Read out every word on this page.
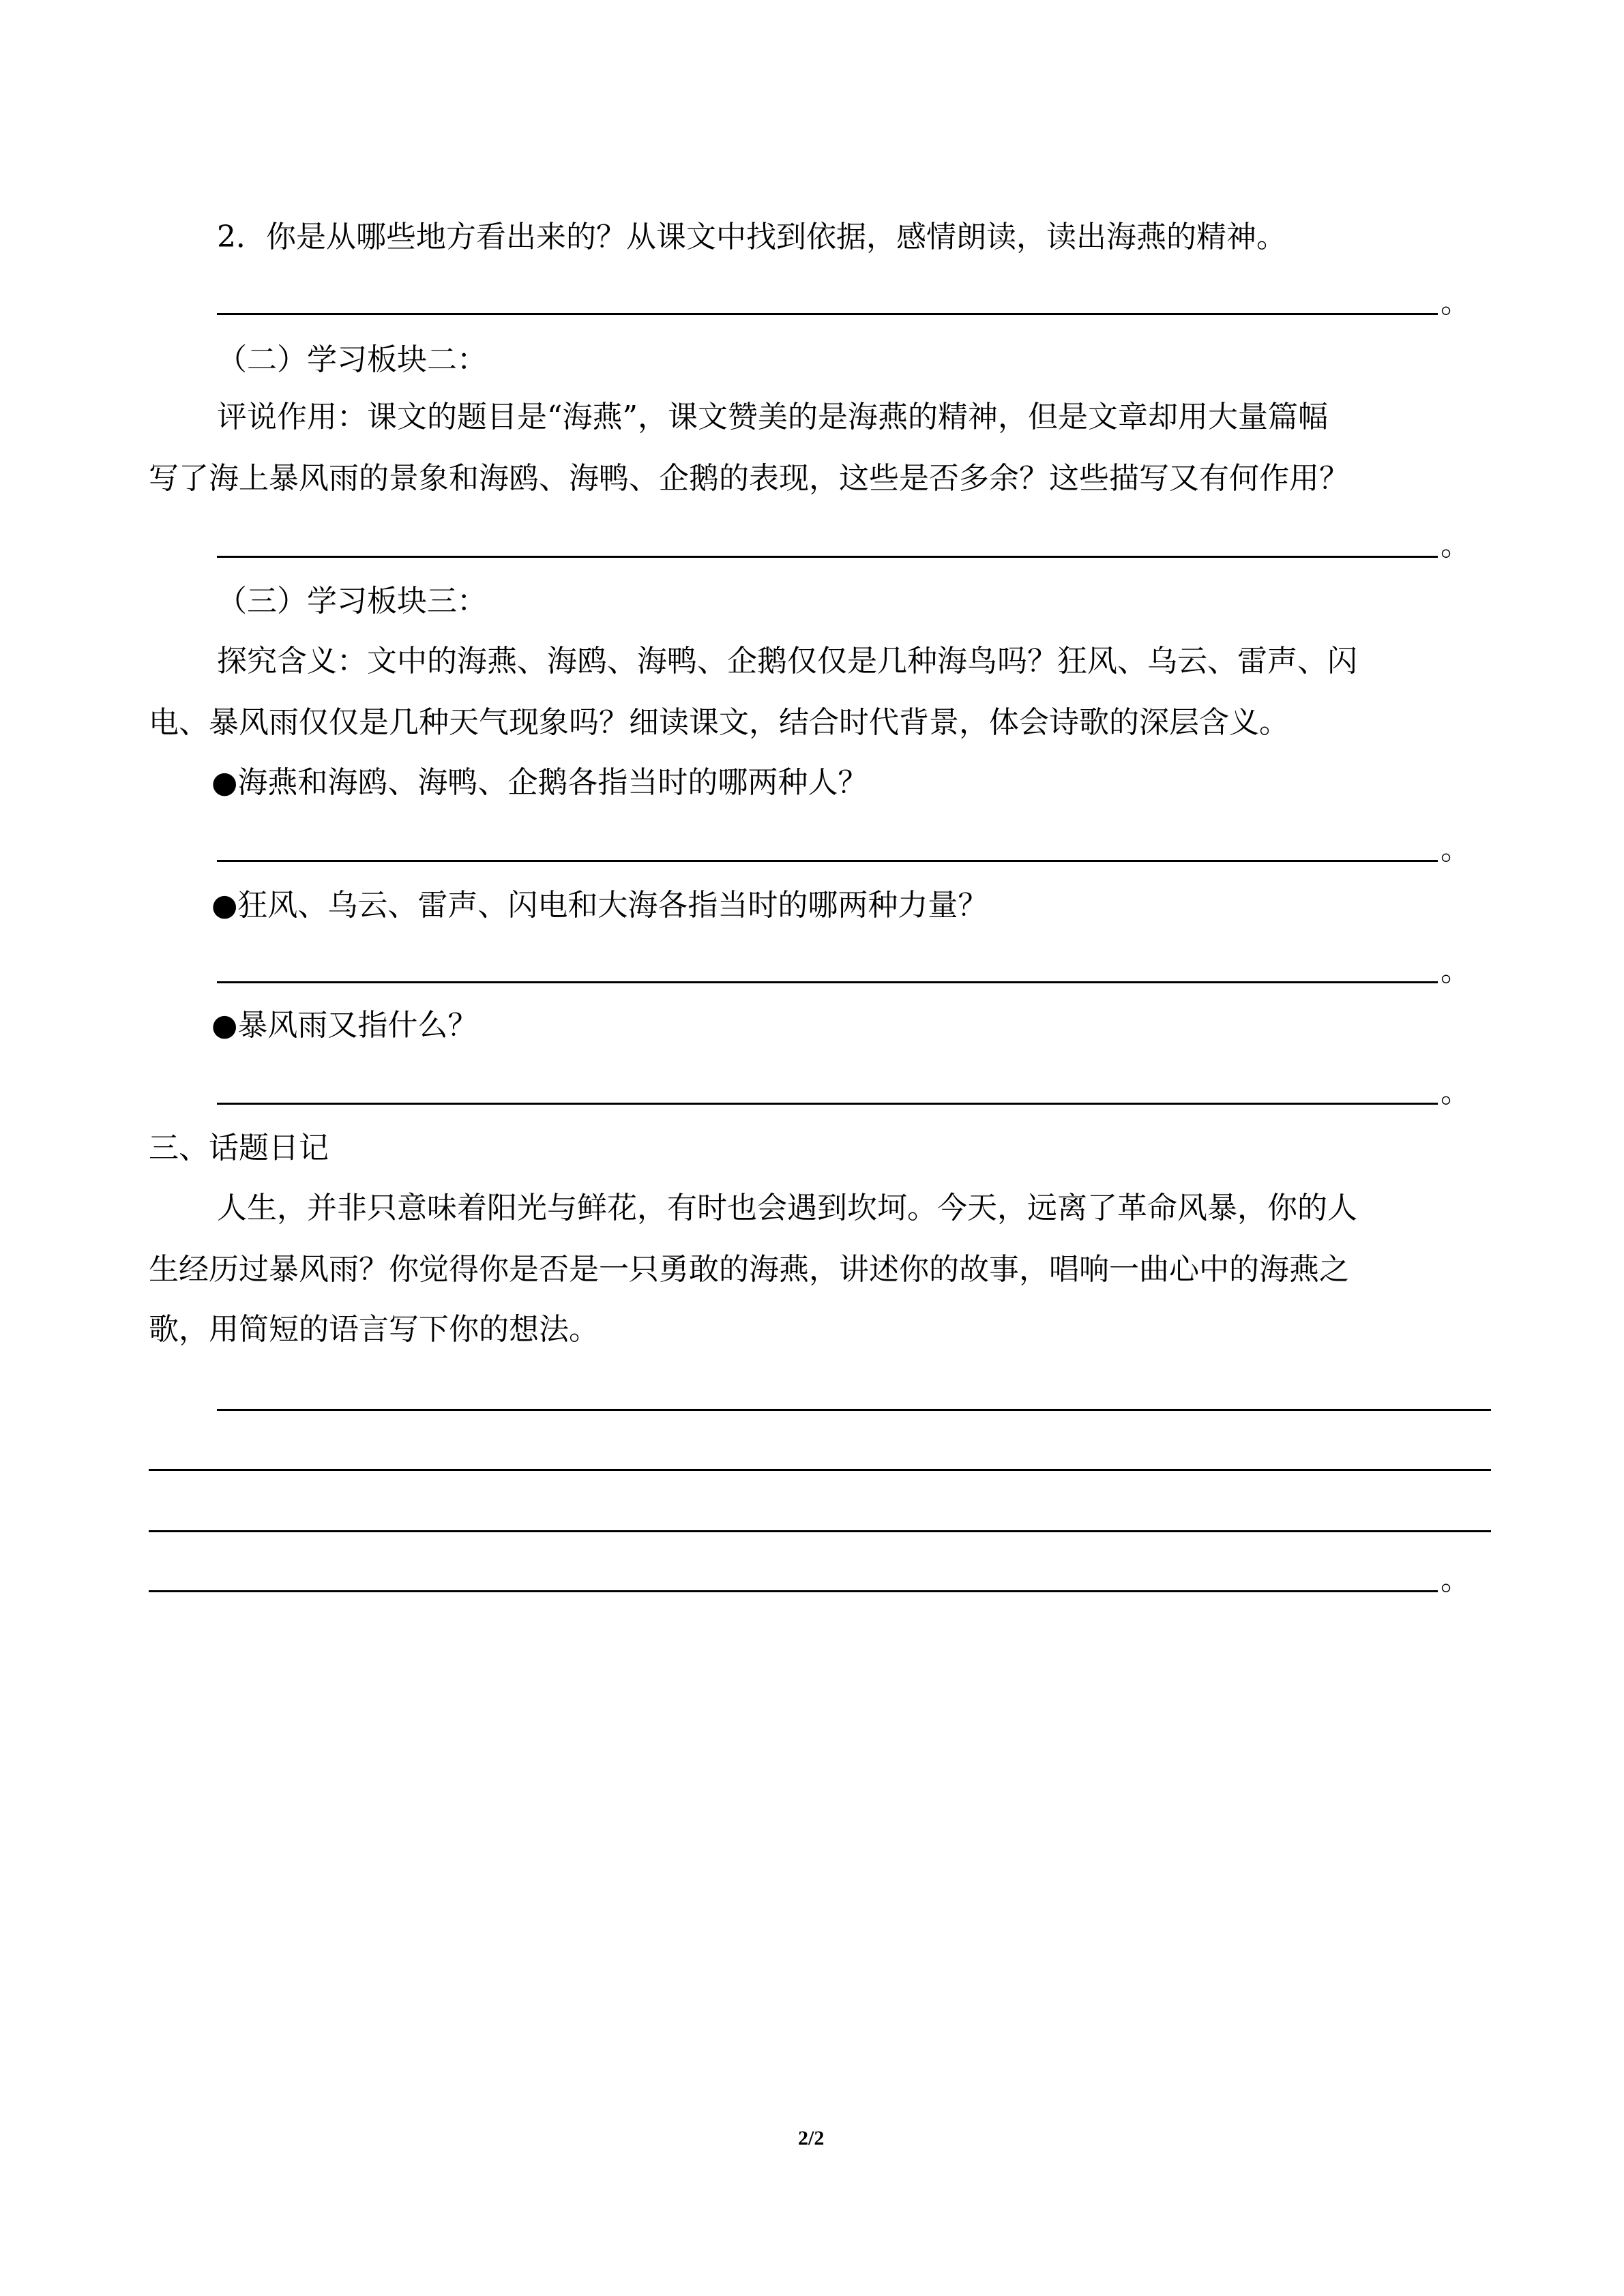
2．你是从哪些地方看出来的？从课文中找到依据，感情朗读，读出海燕的精神。
。
（二）学习板块二：
评说作用：课文的题目是“海燕”，课文赞美的是海燕的精神，但是文章却用大量篇幅
写了海上暴风雨的景象和海鸥、海鸭、企鹅的表现，这些是否多余？这些描写又有何作用？
。
（三）学习板块三：
探究含义：文中的海燕、海鸥、海鸭、企鹅仅仅是几种海鸟吗？狂风、乌云、雷声、闪
电、暴风雨仅仅是几种天气现象吗？细读课文，结合时代背景，体会诗歌的深层含义。
●海燕和海鸥、海鸭、企鹅各指当时的哪两种人？
。
●狂风、乌云、雷声、闪电和大海各指当时的哪两种力量？
。
●暴风雨又指什么？
。
三、话题日记
人生，并非只意味着阳光与鲜花，有时也会遇到坎坷。今天，远离了革命风暴，你的人
生经历过暴风雨？你觉得你是否是一只勇敢的海燕，讲述你的故事，唱响一曲心中的海燕之
歌，用简短的语言写下你的想法。
。
2/2
